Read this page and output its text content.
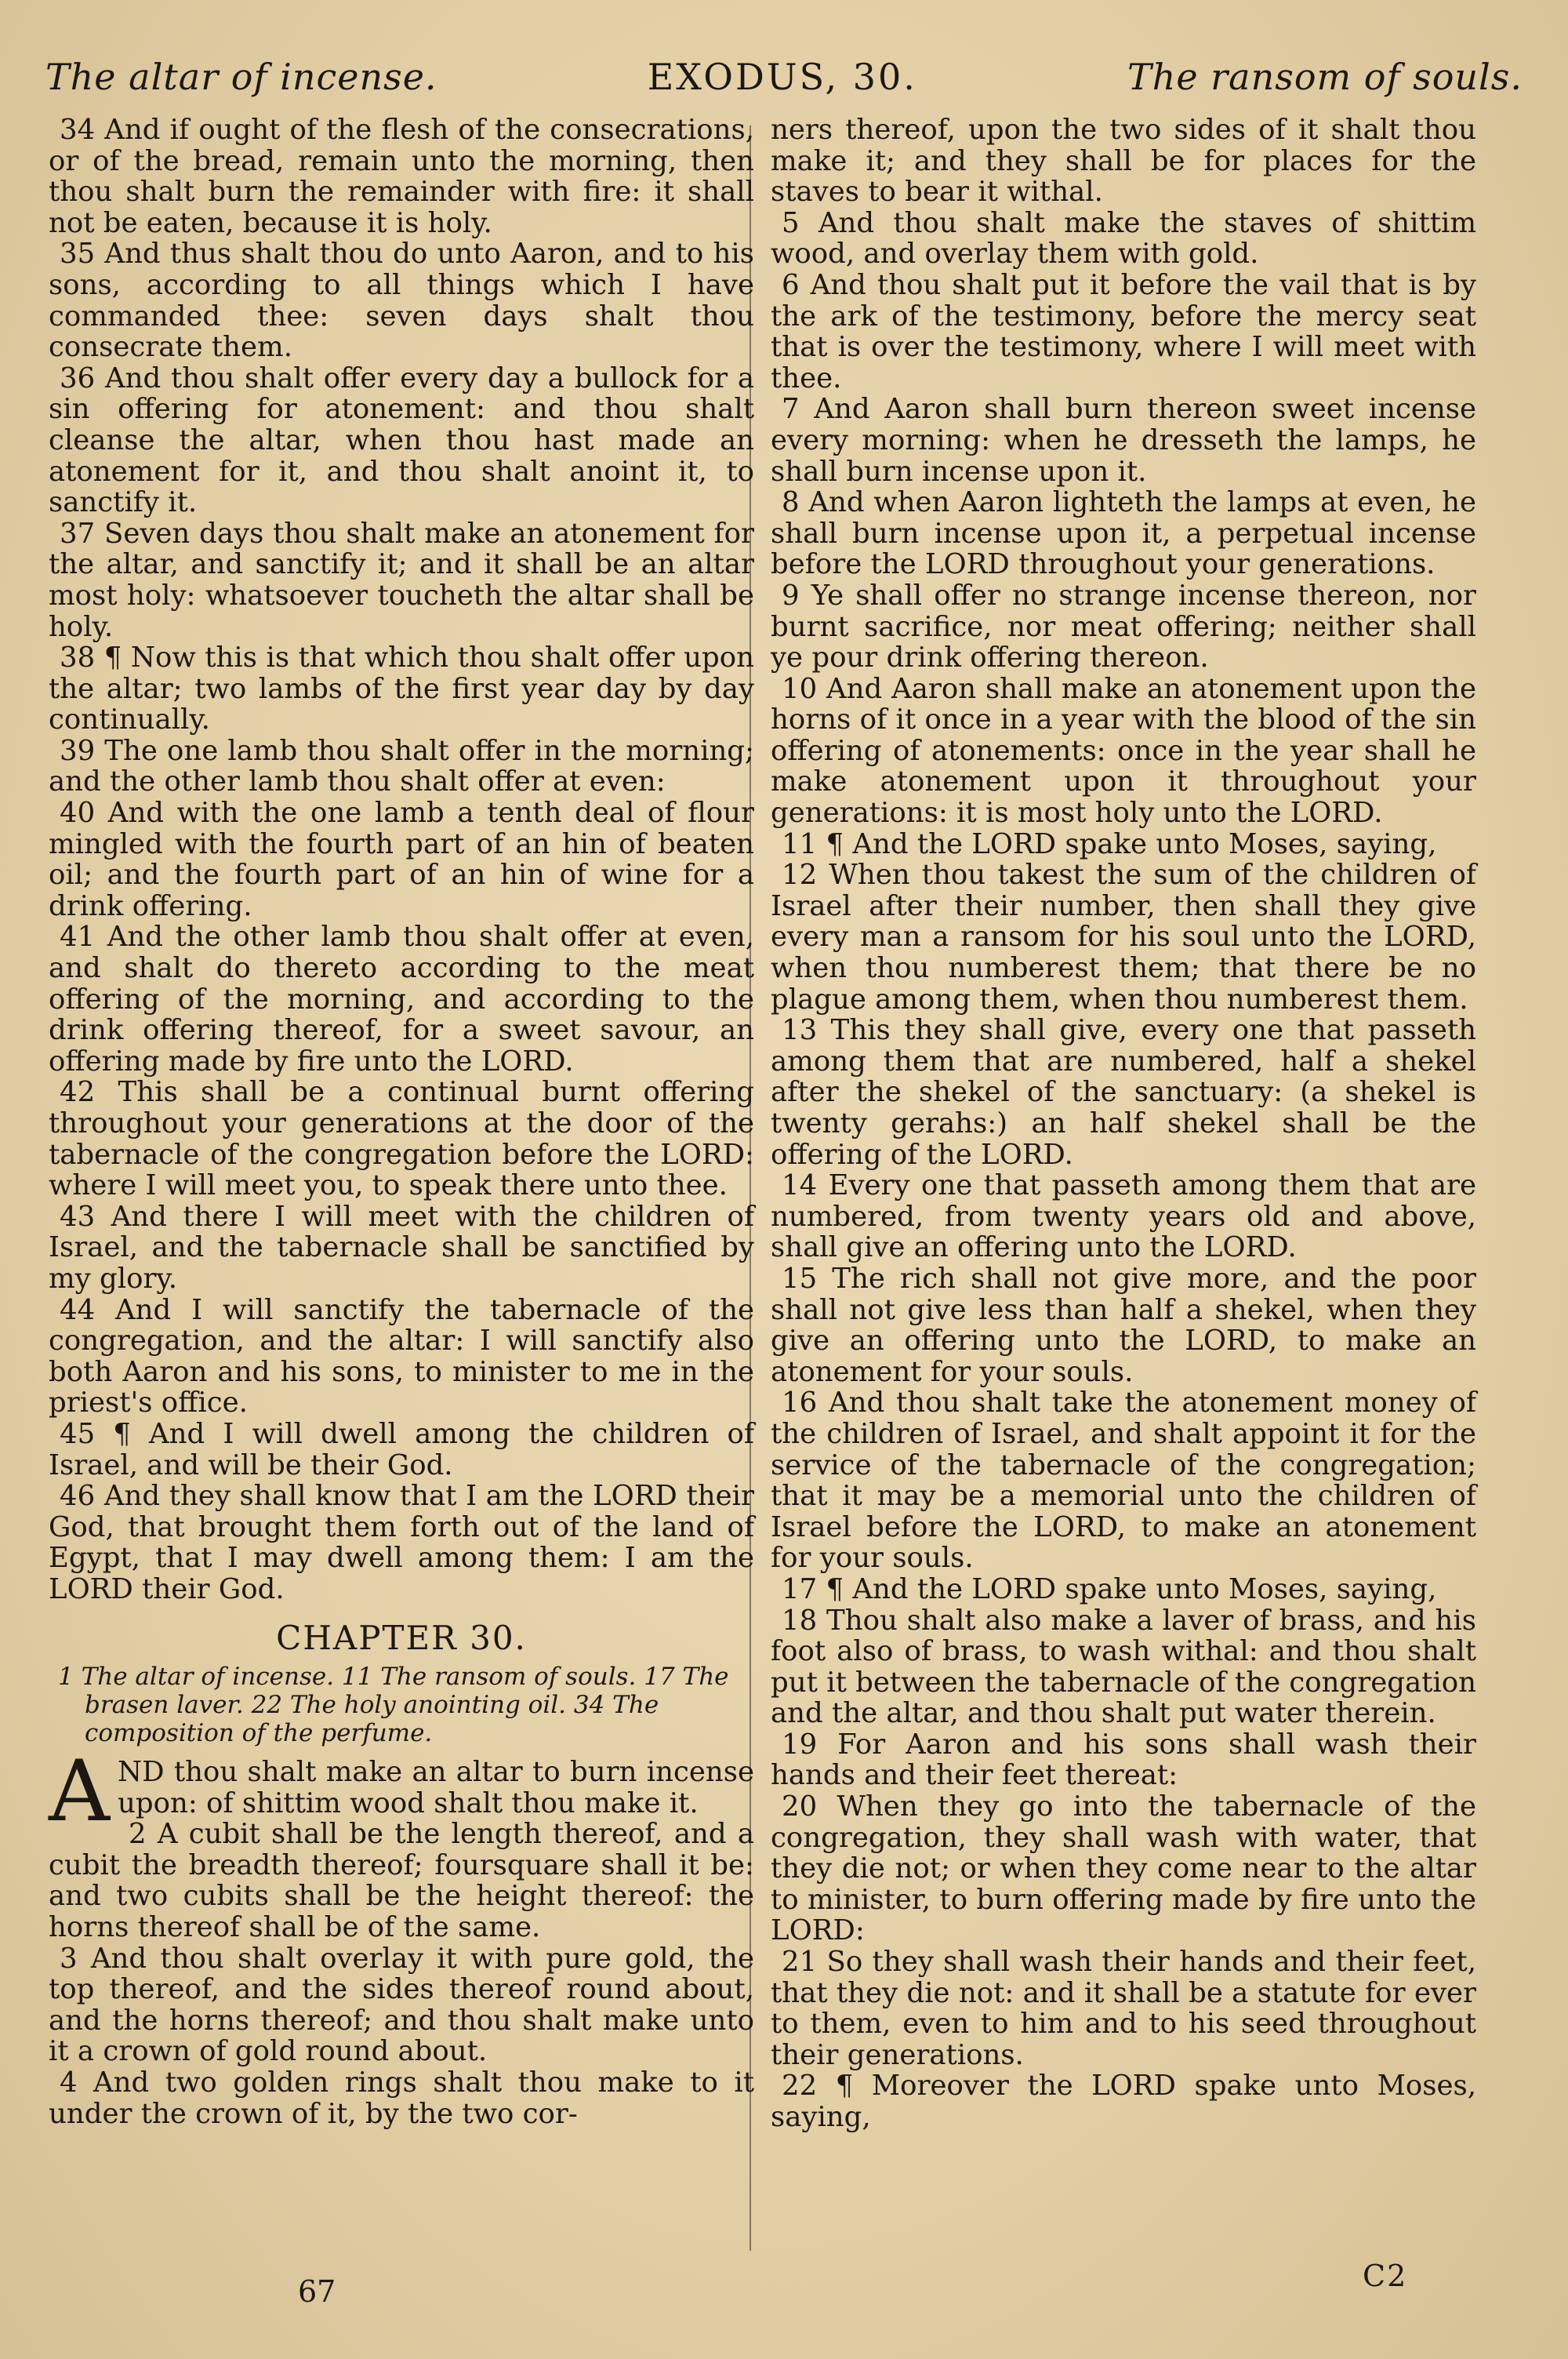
The altar of incense.	EXODUS, 30.	The ransom of souls.

34 And if ought of the flesh of the consecrations, or of the bread, remain unto the morning, then thou shalt burn the remainder with fire: it shall not be eaten, because it is holy.

35 And thus shalt thou do unto Aaron, and to his sons, according to all things which I have commanded thee: seven days shalt thou consecrate them.

36 And thou shalt offer every day a bullock for a sin offering for atonement: and thou shalt cleanse the altar, when thou hast made an atonement for it, and thou shalt anoint it, to sanctify it.

37 Seven days thou shalt make an atonement for the altar, and sanctify it; and it shall be an altar most holy: whatsoever toucheth the altar shall be holy.

38 ¶ Now this is that which thou shalt offer upon the altar; two lambs of the first year day by day continually.

39 The one lamb thou shalt offer in the morning; and the other lamb thou shalt offer at even:

40 And with the one lamb a tenth deal of flour mingled with the fourth part of an hin of beaten oil; and the fourth part of an hin of wine for a drink offering.

41 And the other lamb thou shalt offer at even, and shalt do thereto according to the meat offering of the morning, and according to the drink offering thereof, for a sweet savour, an offering made by fire unto the LORD.

42 This shall be a continual burnt offering throughout your generations at the door of the tabernacle of the congregation before the LORD: where I will meet you, to speak there unto thee.

43 And there I will meet with the children of Israel, and the tabernacle shall be sanctified by my glory.

44 And I will sanctify the tabernacle of the congregation, and the altar: I will sanctify also both Aaron and his sons, to minister to me in the priest's office.

45 ¶ And I will dwell among the children of Israel, and will be their God.

46 And they shall know that I am the LORD their God, that brought them forth out of the land of Egypt, that I may dwell among them: I am the LORD their God.

CHAPTER 30.

1 The altar of incense. 11 The ransom of souls. 17 The brasen laver. 22 The holy anointing oil. 34 The composition of the perfume.

AND thou shalt make an altar to burn incense upon: of shittim wood shalt thou make it.

2 A cubit shall be the length thereof, and a cubit the breadth thereof; foursquare shall it be: and two cubits shall be the height thereof: the horns thereof shall be of the same.

3 And thou shalt overlay it with pure gold, the top thereof, and the sides thereof round about, and the horns thereof; and thou shalt make unto it a crown of gold round about.

4 And two golden rings shalt thou make to it under the crown of it, by the two cor-

ners thereof, upon the two sides of it shalt thou make it; and they shall be for places for the staves to bear it withal.

5 And thou shalt make the staves of shittim wood, and overlay them with gold.

6 And thou shalt put it before the vail that is by the ark of the testimony, before the mercy seat that is over the testimony, where I will meet with thee.

7 And Aaron shall burn thereon sweet incense every morning: when he dresseth the lamps, he shall burn incense upon it.

8 And when Aaron lighteth the lamps at even, he shall burn incense upon it, a perpetual incense before the LORD throughout your generations.

9 Ye shall offer no strange incense thereon, nor burnt sacrifice, nor meat offering; neither shall ye pour drink offering thereon.

10 And Aaron shall make an atonement upon the horns of it once in a year with the blood of the sin offering of atonements: once in the year shall he make atonement upon it throughout your generations: it is most holy unto the LORD.

11 ¶ And the LORD spake unto Moses, saying,

12 When thou takest the sum of the children of Israel after their number, then shall they give every man a ransom for his soul unto the LORD, when thou numberest them; that there be no plague among them, when thou numberest them.

13 This they shall give, every one that passeth among them that are numbered, half a shekel after the shekel of the sanctuary: (a shekel is twenty gerahs:) an half shekel shall be the offering of the LORD.

14 Every one that passeth among them that are numbered, from twenty years old and above, shall give an offering unto the LORD.

15 The rich shall not give more, and the poor shall not give less than half a shekel, when they give an offering unto the LORD, to make an atonement for your souls.

16 And thou shalt take the atonement money of the children of Israel, and shalt appoint it for the service of the tabernacle of the congregation; that it may be a memorial unto the children of Israel before the LORD, to make an atonement for your souls.

17 ¶ And the LORD spake unto Moses, saying,

18 Thou shalt also make a laver of brass, and his foot also of brass, to wash withal: and thou shalt put it between the tabernacle of the congregation and the altar, and thou shalt put water therein.

19 For Aaron and his sons shall wash their hands and their feet thereat:

20 When they go into the tabernacle of the congregation, they shall wash with water, that they die not; or when they come near to the altar to minister, to burn offering made by fire unto the LORD:

21 So they shall wash their hands and their feet, that they die not: and it shall be a statute for ever to them, even to him and to his seed throughout their generations.

22 ¶ Moreover the LORD spake unto Moses, saying,

67	C2
